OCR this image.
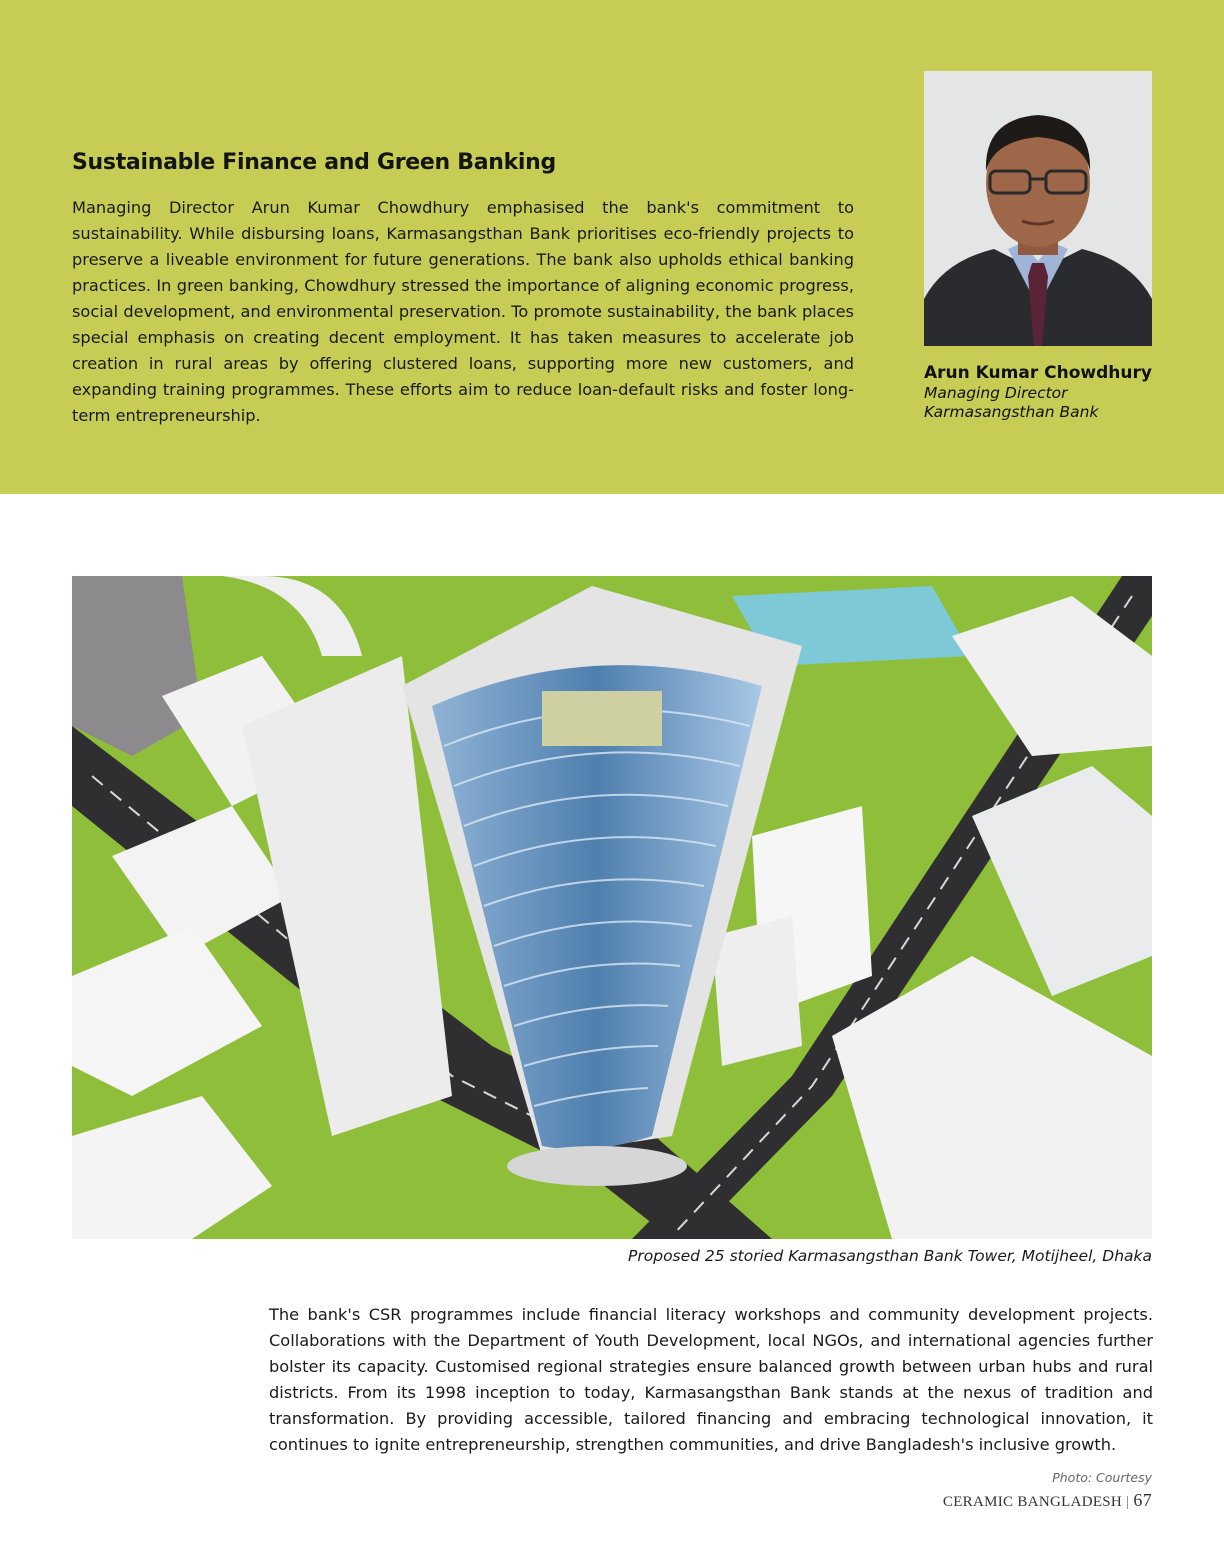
Sustainable Finance and Green Banking

Managing Director Arun Kumar Chowdhury emphasised the bank's commitment to sustainability. While disbursing loans, Karmasangsthan Bank prioritises eco-friendly projects to preserve a liveable environment for future generations. The bank also upholds ethical banking practices. In green banking, Chowdhury stressed the importance of aligning economic progress, social development, and environmental preservation. To promote sustainability, the bank places special emphasis on creating decent employment. It has taken measures to accelerate job creation in rural areas by offering clustered loans, supporting more new customers, and expanding training programmes. These efforts aim to reduce loan-default risks and foster long-term entrepreneurship.

Arun Kumar Chowdhury
Managing Director
Karmasangsthan Bank
Proposed 25 storied Karmasangsthan Bank Tower, Motijheel, Dhaka

The bank's CSR programmes include financial literacy workshops and community development projects. Collaborations with the Department of Youth Development, local NGOs, and international agencies further bolster its capacity. Customised regional strategies ensure balanced growth between urban hubs and rural districts. From its 1998 inception to today, Karmasangsthan Bank stands at the nexus of tradition and transformation. By providing accessible, tailored financing and embracing technological innovation, it continues to ignite entrepreneurship, strengthen communities, and drive Bangladesh's inclusive growth.

Photo: Courtesy
CERAMIC BANGLADESH | 67
